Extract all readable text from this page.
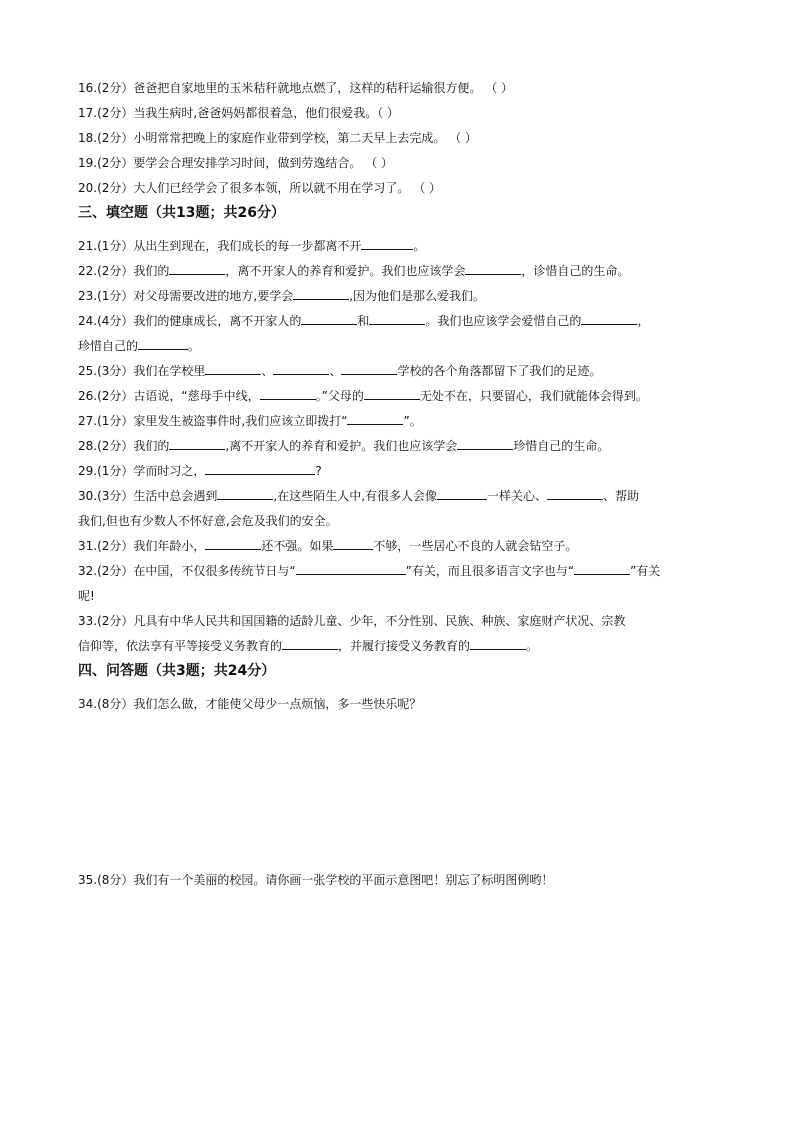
16.(2分）爸爸把自家地里的玉米秸秆就地点燃了，这样的秸秆运输很方便。 （ ）
17.(2分）当我生病时,爸爸妈妈都很着急，他们很爱我。（ ）
18.(2分）小明常常把晚上的家庭作业带到学校，第二天早上去完成。 （ ）
19.(2分）要学会合理安排学习时间，做到劳逸结合。 （ ）
20.(2分）大人们已经学会了很多本领，所以就不用在学习了。 （ ）
三、填空题（共13题；共26分）
21.(1分）从出生到现在，我们成长的每一步都离不开	。
22.(2分）我们的	，离不开家人的养育和爱护。我们也应该学会	，诊惜自己的生命。
23.(1分）对父母需要改进的地方,要学会	,因为他们是那么爱我们。
24.(4分）我们的健康成长，离不开家人的	和	。我们也应该学会爱惜自己的	，
珍惜自己的	。
25.(3分）我们在学校里	、	、	学校的各个角落都留下了我们的足迹。
26.(2分）古语说，“慈母手中线，	。”父母的	无处不在，只要留心，我们就能体会得到。
27.(1分）家里发生被盗事件时,我们应该立即拨打“	”。
28.(2分）我们的	,离不开家人的养育和爱护。我们也应该学会	珍惜自己的生命。
29.(1分）学而时习之，	?
30.(3分）生活中总会遇到	,在这些陌生人中,有很多人会像	一样关心、	、帮助
我们,但也有少数人不怀好意,会危及我们的安全。
31.(2分）我们年龄小，	还不强。如果	不够，一些居心不良的人就会钻空子。
32.(2分）在中国，不仅很多传统节日与“	”有关，而且很多语言文字也与“	”有关
呢!
33.(2分）凡具有中华人民共和国国籍的适龄儿童、少年，不分性别、民族、种族、家庭财产状况、宗教
信仰等，依法享有平等接受义务教育的	，并履行接受义务教育的	。
四、问答题（共3题；共24分）
34.(8分）我们怎么做，才能使父母少一点烦恼，多一些快乐呢？
35.(8分）我们有一个美丽的校园。请你画一张学校的平面示意图吧！别忘了标明图例哟！
